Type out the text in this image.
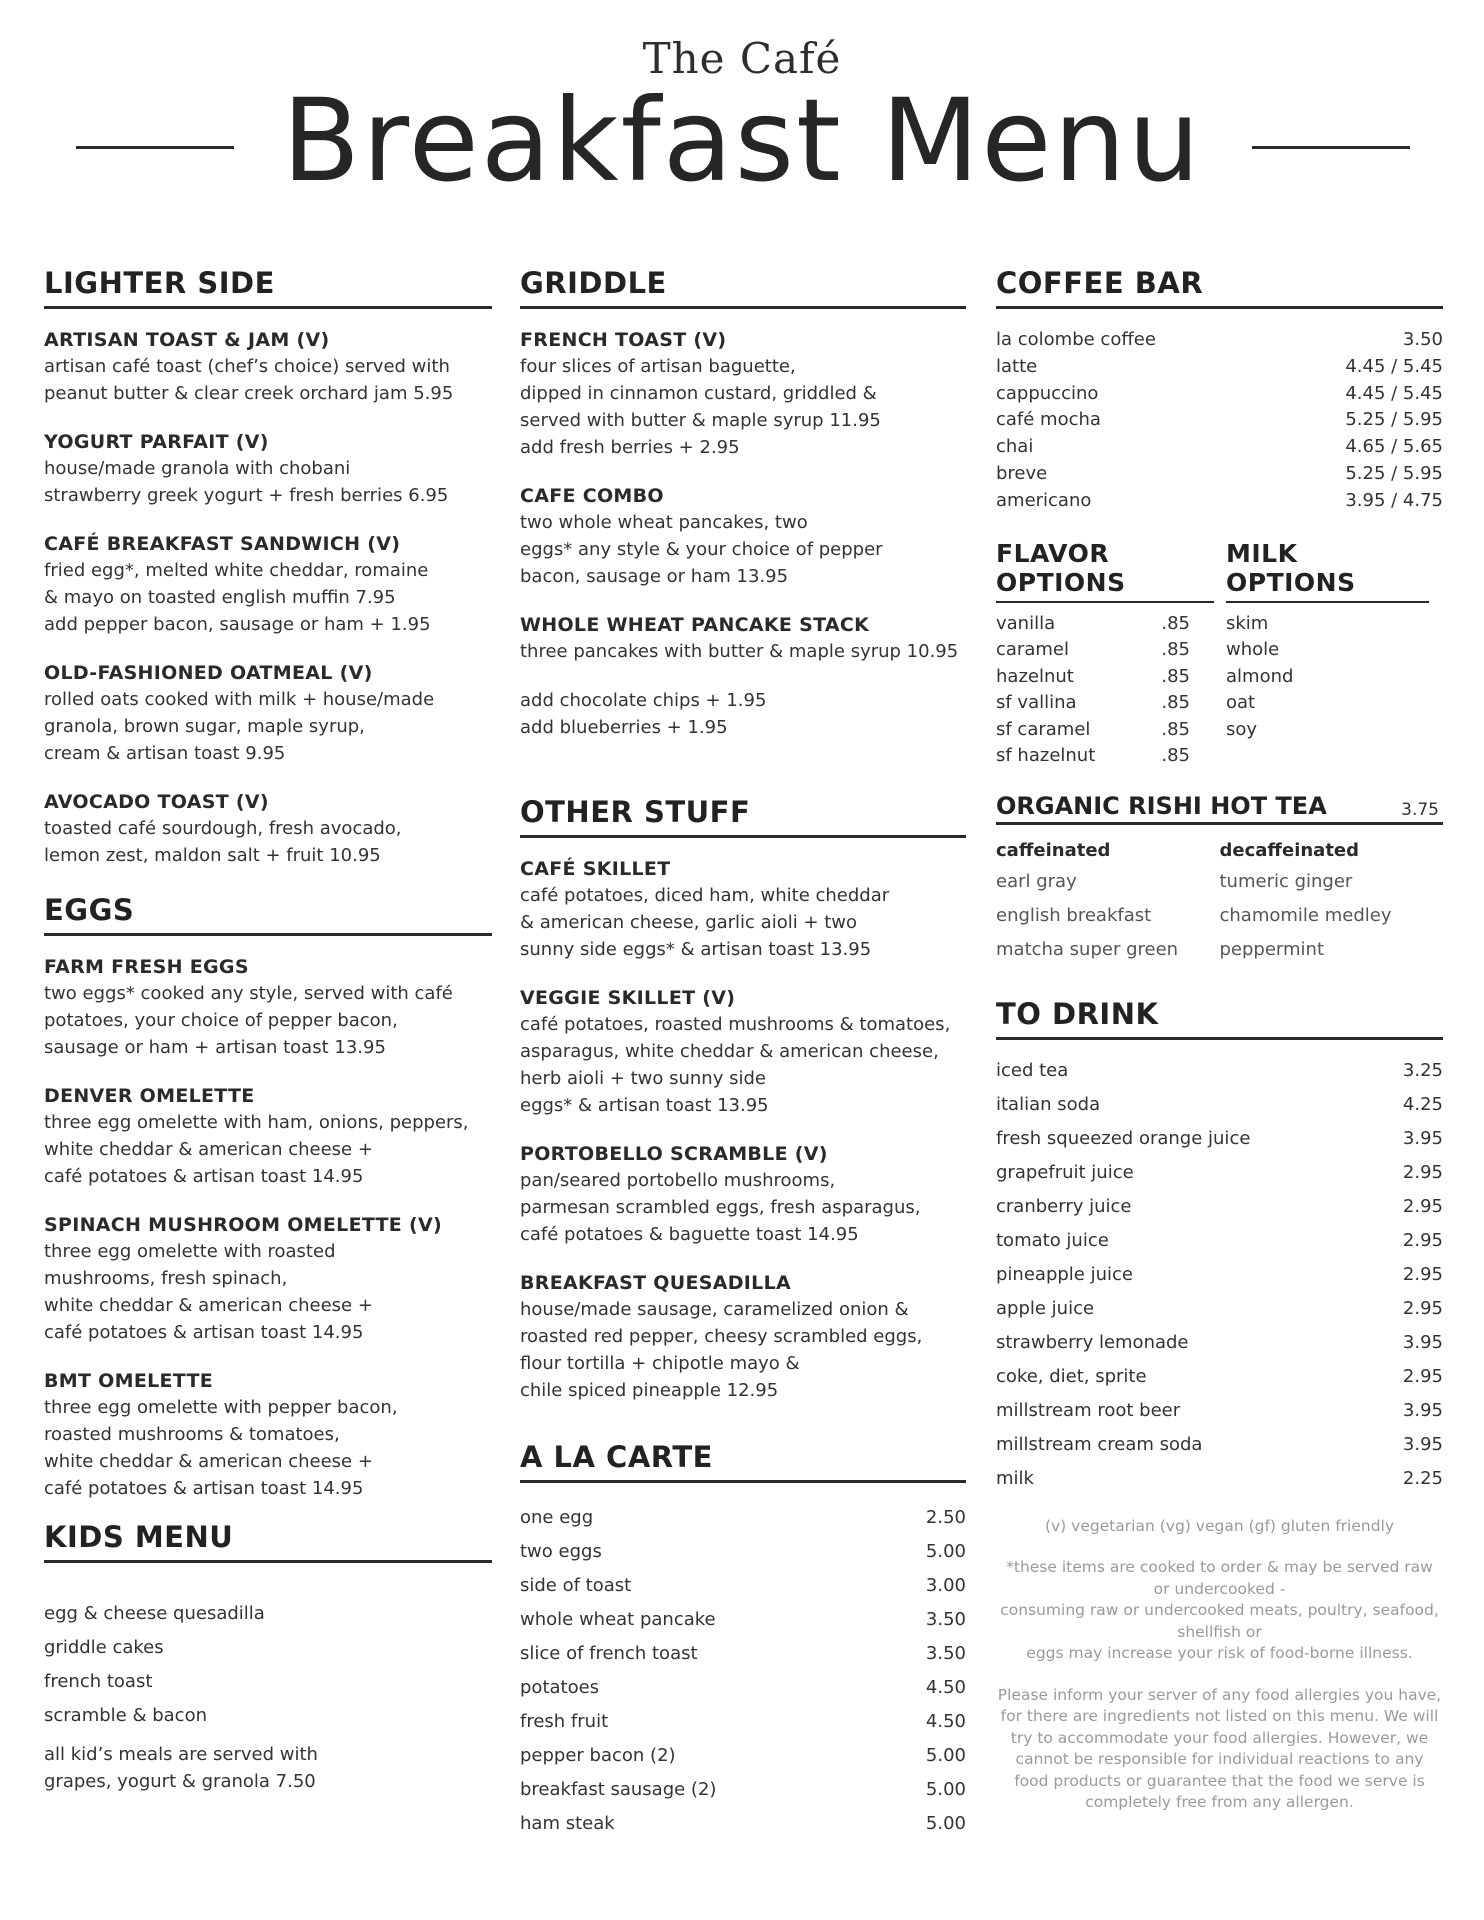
The Café
Breakfast Menu
LIGHTER SIDE
ARTISAN TOAST & JAM (V)
artisan café toast (chef’s choice) served with
peanut butter & clear creek orchard jam 5.95
YOGURT PARFAIT (V)
house/made granola with chobani
strawberry greek yogurt + fresh berries 6.95
CAFÉ BREAKFAST SANDWICH (V)
fried egg*, melted white cheddar, romaine
& mayo on toasted english muffin 7.95
add pepper bacon, sausage or ham + 1.95
OLD-FASHIONED OATMEAL (V)
rolled oats cooked with milk + house/made
granola, brown sugar, maple syrup,
cream & artisan toast 9.95
AVOCADO TOAST (V)
toasted café sourdough, fresh avocado,
lemon zest, maldon salt + fruit 10.95
EGGS
FARM FRESH EGGS
two eggs* cooked any style, served with café
potatoes, your choice of pepper bacon,
sausage or ham + artisan toast 13.95
DENVER OMELETTE
three egg omelette with ham, onions, peppers,
white cheddar & american cheese +
café potatoes & artisan toast 14.95
SPINACH MUSHROOM OMELETTE (V)
three egg omelette with roasted
mushrooms, fresh spinach,
white cheddar & american cheese +
café potatoes & artisan toast 14.95
BMT OMELETTE
three egg omelette with pepper bacon,
roasted mushrooms & tomatoes,
white cheddar & american cheese +
café potatoes & artisan toast 14.95
KIDS MENU
egg & cheese quesadilla
griddle cakes
french toast
scramble & bacon
all kid’s meals are served with
grapes, yogurt & granola 7.50
GRIDDLE
FRENCH TOAST (V)
four slices of artisan baguette,
dipped in cinnamon custard, griddled &
served with butter & maple syrup 11.95
add fresh berries + 2.95
CAFE COMBO
two whole wheat pancakes, two
eggs* any style & your choice of pepper
bacon, sausage or ham 13.95
WHOLE WHEAT PANCAKE STACK
three pancakes with butter & maple syrup 10.95
add chocolate chips + 1.95
add blueberries + 1.95
OTHER STUFF
CAFÉ SKILLET
café potatoes, diced ham, white cheddar
& american cheese, garlic aioli + two
sunny side eggs* & artisan toast 13.95
VEGGIE SKILLET (V)
café potatoes, roasted mushrooms & tomatoes,
asparagus, white cheddar & american cheese,
herb aioli + two sunny side
eggs* & artisan toast 13.95
PORTOBELLO SCRAMBLE (V)
pan/seared portobello mushrooms,
parmesan scrambled eggs, fresh asparagus,
café potatoes & baguette toast 14.95
BREAKFAST QUESADILLA
house/made sausage, caramelized onion &
roasted red pepper, cheesy scrambled eggs,
flour tortilla + chipotle mayo &
chile spiced pineapple 12.95
A LA CARTE
one egg	2.50
two eggs	5.00
side of toast	3.00
whole wheat pancake	3.50
slice of french toast	3.50
potatoes	4.50
fresh fruit	4.50
pepper bacon (2)	5.00
breakfast sausage (2)	5.00
ham steak	5.00
COFFEE BAR
la colombe coffee	3.50
latte	4.45 / 5.45
cappuccino	4.45 / 5.45
café mocha	5.25 / 5.95
chai	4.65 / 5.65
breve	5.25 / 5.95
americano	3.95 / 4.75
FLAVOR OPTIONS
vanilla	.85
caramel	.85
hazelnut	.85
sf vallina	.85
sf caramel	.85
sf hazelnut	.85
MILK OPTIONS
skim
whole
almond
oat
soy
ORGANIC RISHI HOT TEA	3.75
caffeinated
earl gray
english breakfast
matcha super green
decaffeinated
tumeric ginger
chamomile medley
peppermint
TO DRINK
iced tea	3.25
italian soda	4.25
fresh squeezed orange juice	3.95
grapefruit juice	2.95
cranberry juice	2.95
tomato juice	2.95
pineapple juice	2.95
apple juice	2.95
strawberry lemonade	3.95
coke, diet, sprite	2.95
millstream root beer	3.95
millstream cream soda	3.95
milk	2.25
(v) vegetarian (vg) vegan (gf) gluten friendly
*these items are cooked to order & may be served raw or undercooked -
consuming raw or undercooked meats, poultry, seafood, shellfish or
eggs may increase your risk of food-borne illness.
Please inform your server of any food allergies you have, for there are ingredients not listed on this menu. We will try to accommodate your food allergies. However, we cannot be responsible for individual reactions to any food products or guarantee that the food we serve is completely free from any allergen.
